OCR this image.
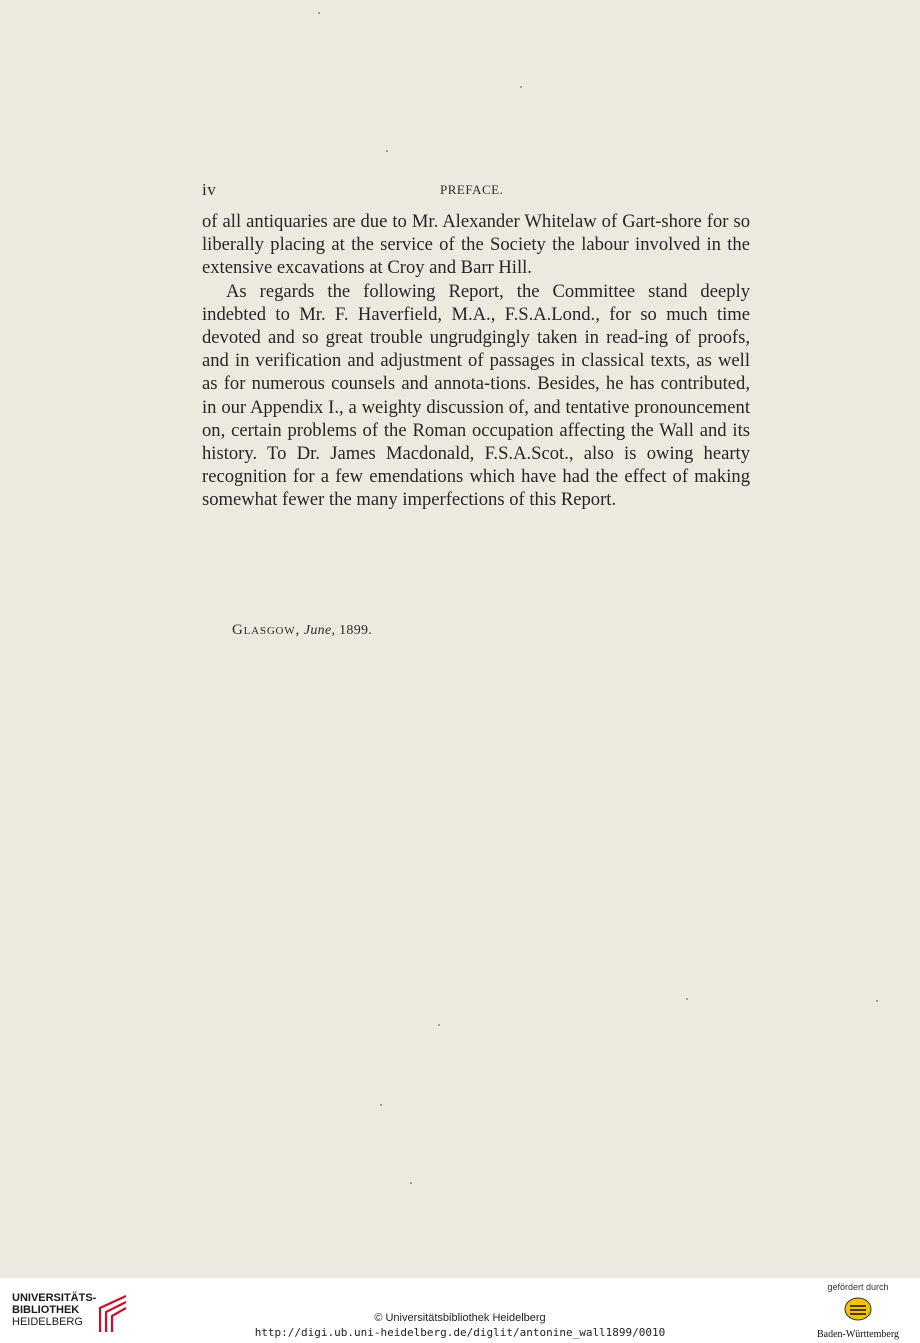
iv	PREFACE.

of all antiquaries are due to Mr. Alexander Whitelaw of Gart-shore for so liberally placing at the service of the Society the labour involved in the extensive excavations at Croy and Barr Hill.

As regards the following Report, the Committee stand deeply indebted to Mr. F. Haverfield, M.A., F.S.A.Lond., for so much time devoted and so great trouble ungrudgingly taken in read-ing of proofs, and in verification and adjustment of passages in classical texts, as well as for numerous counsels and annota-tions. Besides, he has contributed, in our Appendix I., a weighty discussion of, and tentative pronouncement on, certain problems of the Roman occupation affecting the Wall and its history. To Dr. James Macdonald, F.S.A.Scot., also is owing hearty recognition for a few emendations which have had the effect of making somewhat fewer the many imperfections of this Report.

Glasgow, June, 1899.
UNIVERSITÄTS-
BIBLIOTHEK
HEIDELBERG	© Universitätsbibliothek Heidelberg
http://digi.ub.uni-heidelberg.de/diglit/antonine_wall1899/0010
gefördert durch
Baden-Württemberg
